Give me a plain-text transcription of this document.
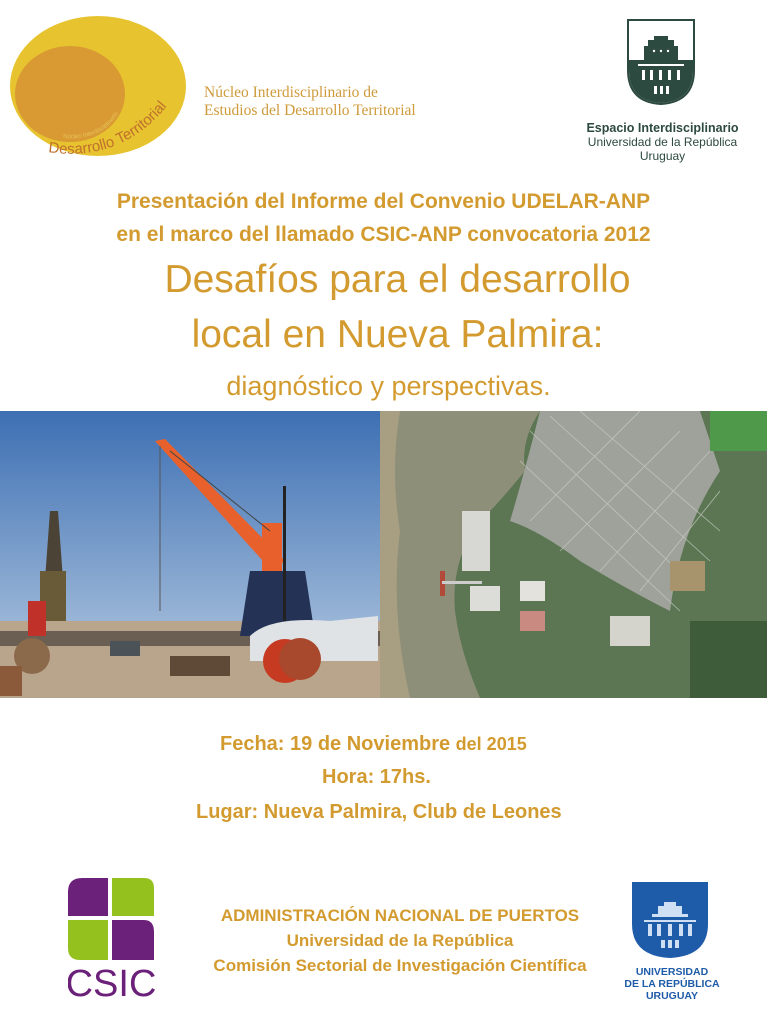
Núcleo Interdisciplinario
Desarrollo Territorial
Núcleo Interdisciplinario de
Estudios del Desarrollo Territorial
Espacio Interdisciplinario
Universidad de la República
Uruguay
Presentación del Informe del Convenio UDELAR-ANP
en el marco del llamado CSIC-ANP convocatoria 2012
Desafíos para el desarrollo
local en Nueva Palmira:
diagnóstico y perspectivas.
Fecha: 19 de Noviembre del 2015
Hora: 17hs.
Lugar: Nueva Palmira, Club de Leones
CSIC
ADMINISTRACIÓN NACIONAL DE PUERTOS
Universidad de la República
Comisión Sectorial de Investigación Científica	UNIVERSIDAD
DE LA REPÚBLICA
URUGUAY
